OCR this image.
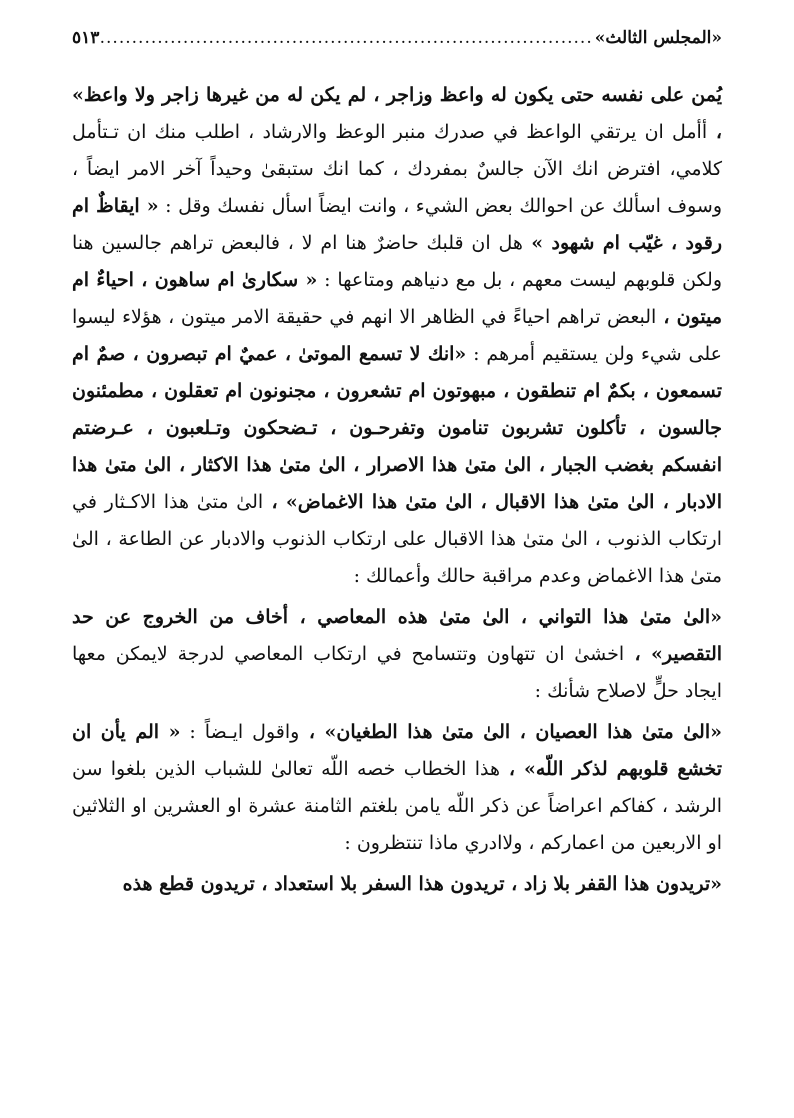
«المجلس الثالث»
.....
٥١٣

يُمن على نفسه حتى يكون له واعظ وزاجر ، لم يكن له من غيرها زاجر ولا واعظ» ، أأمل ان يرتقي الواعظ في صدرك منبر الوعظ والارشاد ، اطلب منك ان تـتأمل كلامي، افترض انك الآن جالسٌ بمفردك ، كما انك ستبقىٰ وحيداً آخر الامر ايضاً ، وسوف اسألك عن احوالك بعض الشيء ، وانت ايضاً اسأل نفسك وقل : « ايقاظٌ ام رقود ، غيّب ام شهود » هل ان قلبك حاضرٌ هنا ام لا ، فالبعض تراهم جالسين هنا ولكن قلوبهم ليست معهم ، بل مع دنياهم ومتاعها : « سكارىٰ ام ساهون ، احياءٌ ام ميتون ، البعض تراهم احياءً في الظاهر الا انهم في حقيقة الامر ميتون ، هؤلاء ليسوا على شيء ولن يستقيم أمرهم : «انك لا تسمع الموتىٰ ، عميٌ ام تبصرون ، صمٌ ام تسمعون ، بكمٌ ام تنطقون ، مبهوتون ام تشعرون ، مجنونون ام تعقلون ، مطمئنون جالسون ، تأكلون تشربون تنامون وتفرحـون ، تـضحكون وتـلعبون ، عـرضتم انفسكم بغضب الجبار ، الىٰ متىٰ هذا الاصرار ، الىٰ متىٰ هذا الاكثار ، الىٰ متىٰ هذا الادبار ، الىٰ متىٰ هذا الاقبال ، الىٰ متىٰ هذا الاغماض» ، الىٰ متىٰ هذا الاكـثار في ارتكاب الذنوب ، الىٰ متىٰ هذا الاقبال على ارتكاب الذنوب والادبار عن الطاعة ، الىٰ متىٰ هذا الاغماض وعدم مراقبة حالك وأعمالك :

«الىٰ متىٰ هذا التواني ، الىٰ متىٰ هذه المعاصي ، أخاف من الخروج عن حد التقصير» ، اخشىٰ ان تتهاون وتتسامح في ارتكاب المعاصي لدرجة لايمكن معها ايجاد حلٍّ لاصلاح شأنك :

«الىٰ متىٰ هذا العصيان ، الىٰ متىٰ هذا الطغيان» ، واقول ايـضاً : « الم يأن ان تخشع قلوبهم لذكر اللّه» ، هذا الخطاب خصه اللّه تعالىٰ للشباب الذين بلغوا سن الرشد ، كفاكم اعراضاً عن ذكر اللّه يامن بلغتم الثامنة عشرة او العشرين او الثلاثين او الاربعين من اعماركم ، ولاادري ماذا تنتظرون :

«تريدون هذا القفر بلا زاد ، تريدون هذا السفر بلا استعداد ، تريدون قطع هذه
